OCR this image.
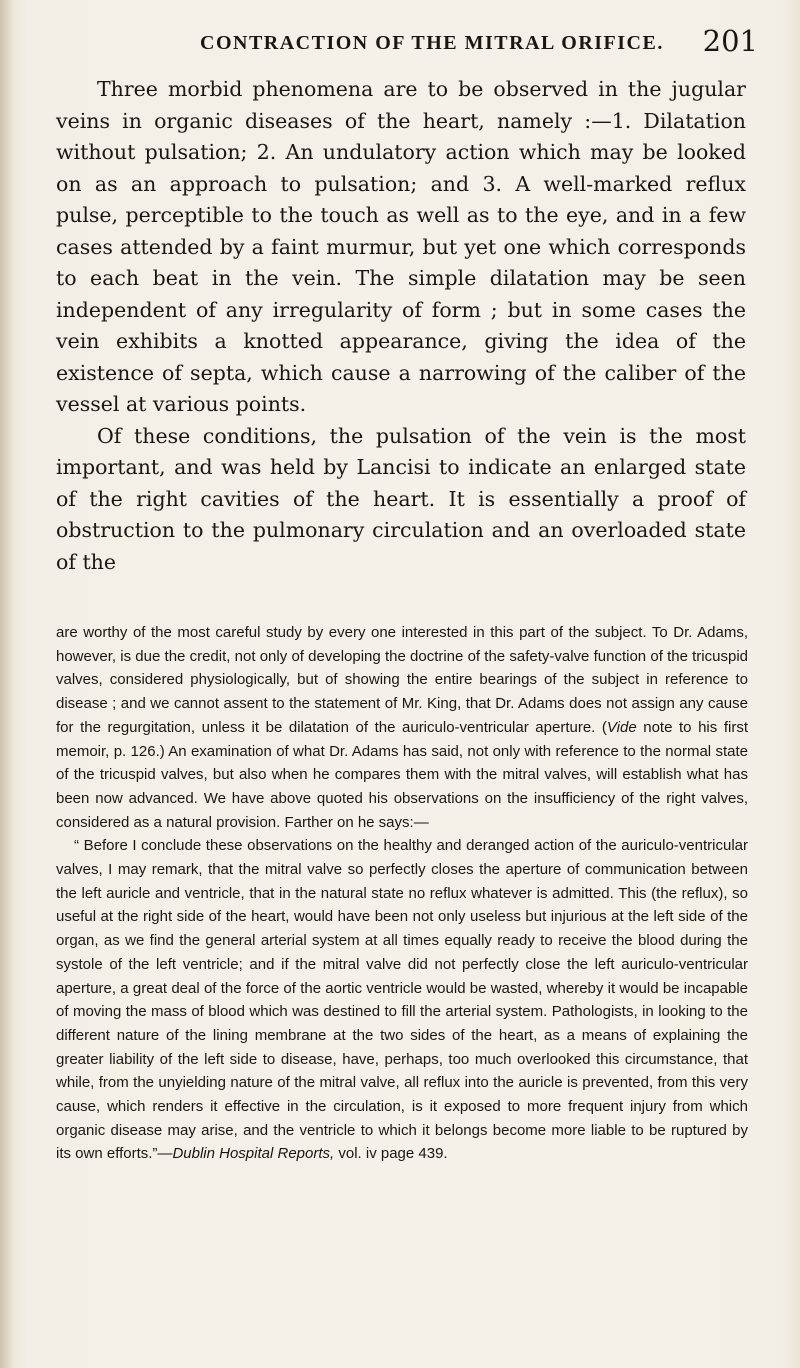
CONTRACTION OF THE MITRAL ORIFICE. 201

Three morbid phenomena are to be observed in the jugular veins in organic diseases of the heart, namely :—1. Dilatation without pulsation; 2. An undulatory action which may be looked on as an approach to pulsation; and 3. A well-marked reflux pulse, perceptible to the touch as well as to the eye, and in a few cases attended by a faint murmur, but yet one which corresponds to each beat in the vein. The simple dilatation may be seen independent of any irregularity of form ; but in some cases the vein exhibits a knotted appearance, giving the idea of the existence of septa, which cause a narrowing of the caliber of the vessel at various points.

Of these conditions, the pulsation of the vein is the most important, and was held by Lancisi to indicate an enlarged state of the right cavities of the heart. It is essentially a proof of obstruction to the pulmonary circulation and an overloaded state of the

are worthy of the most careful study by every one interested in this part of the subject. To Dr. Adams, however, is due the credit, not only of developing the doctrine of the safety-valve function of the tricuspid valves, considered physiologically, but of showing the entire bearings of the subject in reference to disease ; and we cannot assent to the statement of Mr. King, that Dr. Adams does not assign any cause for the regurgitation, unless it be dilatation of the auriculo-ventricular aperture. (Vide note to his first memoir, p. 126.) An examination of what Dr. Adams has said, not only with reference to the normal state of the tricuspid valves, but also when he compares them with the mitral valves, will establish what has been now advanced. We have above quoted his observations on the insufficiency of the right valves, considered as a natural provision. Farther on he says:—

“ Before I conclude these observations on the healthy and deranged action of the auriculo-ventricular valves, I may remark, that the mitral valve so perfectly closes the aperture of communication between the left auricle and ventricle, that in the natural state no reflux whatever is admitted. This (the reflux), so useful at the right side of the heart, would have been not only useless but injurious at the left side of the organ, as we find the general arterial system at all times equally ready to receive the blood during the systole of the left ventricle; and if the mitral valve did not perfectly close the left auriculo-ventricular aperture, a great deal of the force of the aortic ventricle would be wasted, whereby it would be incapable of moving the mass of blood which was destined to fill the arterial system. Pathologists, in looking to the different nature of the lining membrane at the two sides of the heart, as a means of explaining the greater liability of the left side to disease, have, perhaps, too much overlooked this circumstance, that while, from the unyielding nature of the mitral valve, all reflux into the auricle is prevented, from this very cause, which renders it effective in the circulation, is it exposed to more frequent injury from which organic disease may arise, and the ventricle to which it belongs become more liable to be ruptured by its own efforts.”—Dublin Hospital Reports, vol. iv page 439.
